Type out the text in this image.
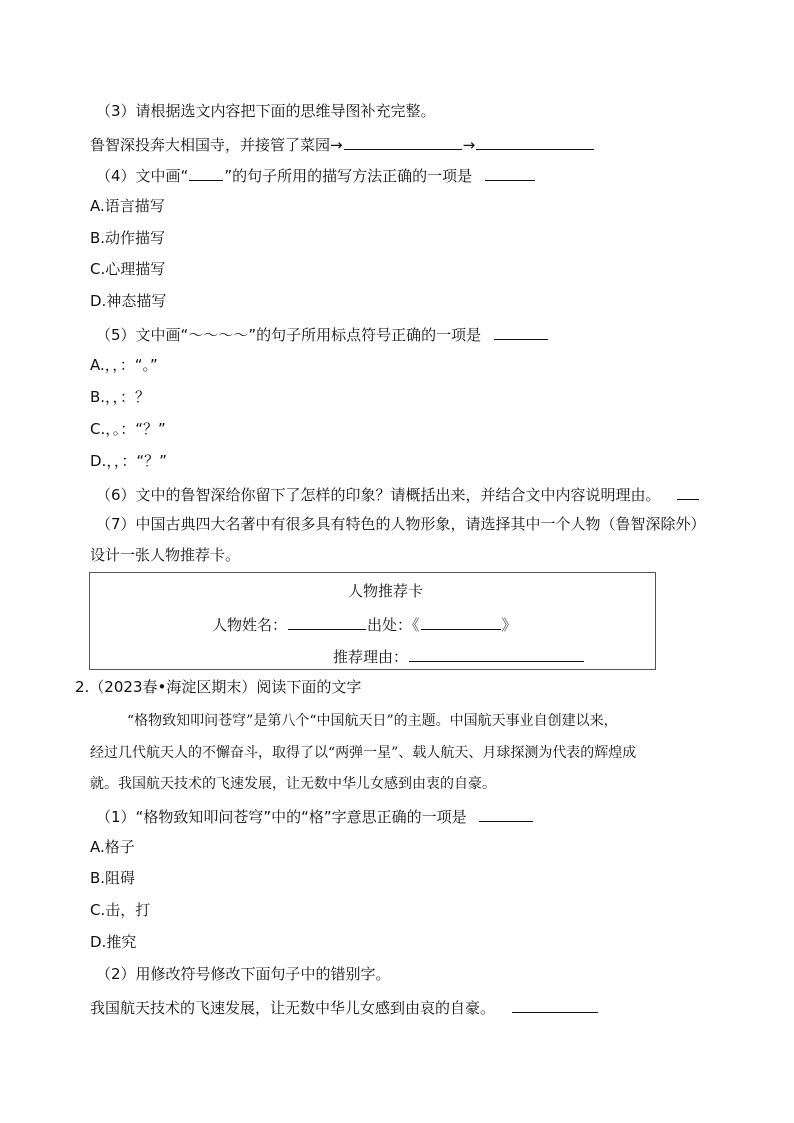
（3）请根据选文内容把下面的思维导图补充完整。
鲁智深投奔大相国寺，并接管了菜园→	→
（4）文中画“ ”的句子所用的描写方法正确的一项是
A.语言描写
B.动作描写
C.心理描写
D.神态描写
（5）文中画“～～～～”的句子所用标点符号正确的一项是
A.，，：“。”
B.，，：？
C.，。：“？”
D.，，：“？”
（6）文中的鲁智深给你留下了怎样的印象？请概括出来，并结合文中内容说明理由。
（7）中国古典四大名著中有很多具有特色的人物形象，请选择其中一个人物（鲁智深除外）
设计一张人物推荐卡。
人物推荐卡
人物姓名：	出处：《	》
推荐理由：
2.（2023春•海淀区期末）阅读下面的文字
“格物致知叩问苍穹”是第八个“中国航天日”的主题。中国航天事业自创建以来，
经过几代航天人的不懈奋斗，取得了以“两弹一星”、载人航天、月球探测为代表的辉煌成
就。我国航天技术的飞速发展，让无数中华儿女感到由衷的自豪。
（1）“格物致知叩问苍穹”中的“格”字意思正确的一项是
A.格子
B.阻碍
C.击，打
D.推究
（2）用修改符号修改下面句子中的错别字。
我国航天技术的飞速发展，让无数中华儿女感到由哀的自豪。
